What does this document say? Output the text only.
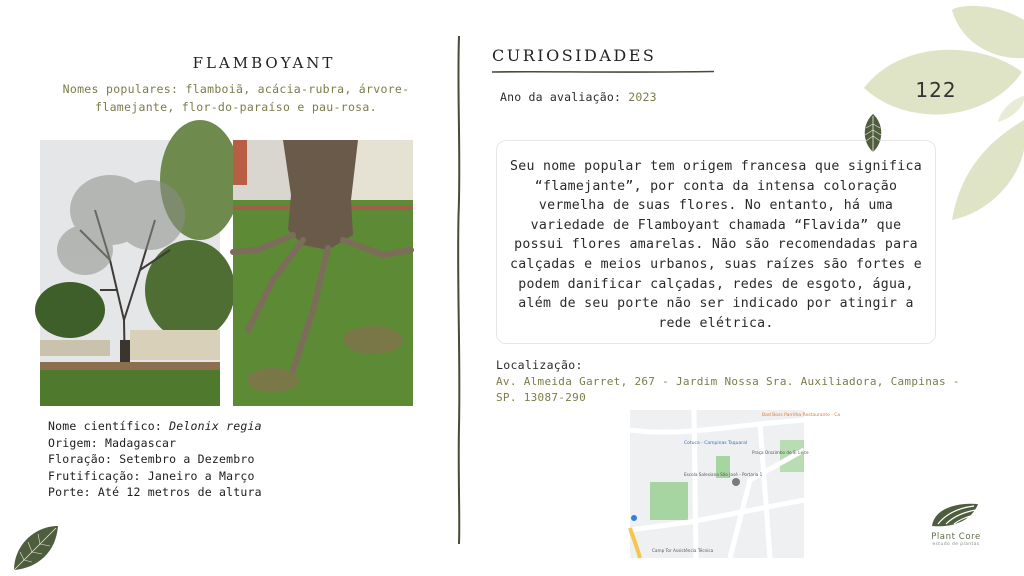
FLAMBOYANT
Nomes populares: flamboiã, acácia-rubra, árvore-flamejante, flor-do-paraíso e pau-rosa.
Nome científico: Delonix regia
Origem: Madagascar
Floração: Setembro a Dezembro
Frutificação: Janeiro a Março
Porte: Até 12 metros de altura
CURIOSIDADES
Ano da avaliação: 2023
Seu nome popular tem origem francesa que significa “flamejante”, por conta da intensa coloração vermelha de suas flores. No entanto, há uma variedade de Flamboyant chamada “Flavida” que possui flores amarelas. Não são recomendadas para calçadas e meios urbanos, suas raízes são fortes e podem danificar calçadas, redes de esgoto, água, além de seu porte não ser indicado por atingir a rede elétrica.
Localização:
Av. Almeida Garret, 267 - Jardim Nossa Sra. Auxiliadora, Campinas - SP. 13087-290
Bad Boss Parrilha Restaurante · Ca
Cotuca - Campinas Taquaral
Praça Orozimbo de S. Leite
Escola Salesiana São José - Portaria 1
Camp Tor Assistência Técnica
122
Plant Core
estudo de plantas
